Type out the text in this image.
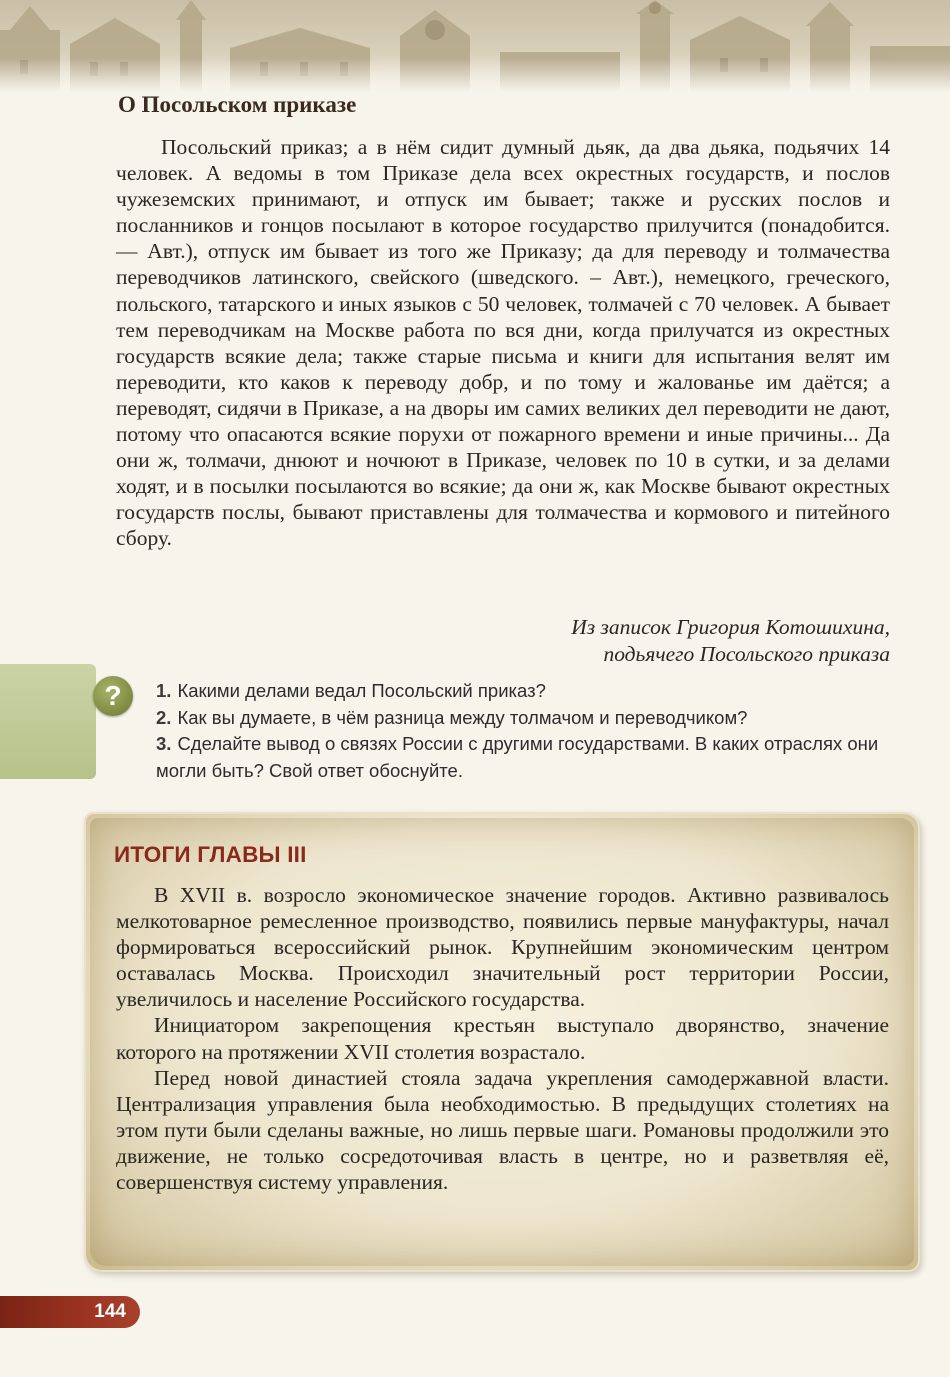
О Посольском приказе

Посольский приказ; а в нём сидит думный дьяк, да два дьяка, подьячих 14 человек. А ведомы в том Приказе дела всех окрестных государств, и послов чужеземских принимают, и отпуск им бывает; также и русских послов и посланников и гонцов посылают в которое государство прилучится (понадобится. — Авт.), отпуск им бывает из того же Приказу; да для переводу и толмачества переводчиков латинского, свейского (шведского. – Авт.), немецкого, греческого, польского, татарского и иных языков с 50 человек, толмачей с 70 человек. А бывает тем переводчикам на Москве работа по вся дни, когда прилучатся из окрестных государств всякие дела; также старые письма и книги для испытания велят им переводити, кто каков к переводу добр, и по тому и жалованье им даётся; а переводят, сидячи в Приказе, а на дворы им самих великих дел переводити не дают, потому что опасаются всякие порухи от пожарного времени и иные причины... Да они ж, толмачи, днюют и ночюют в Приказе, человек по 10 в сутки, и за делами ходят, и в посылки посылаются во всякие; да они ж, как Москве бывают окрестных государств послы, бывают приставлены для толмачества и кормового и питейного сбору.

Из записок Григория Котошихина,
подьячего Посольского приказа
?	1. Какими делами ведал Посольский приказ?
2. Как вы думаете, в чём разница между толмачом и переводчиком?
3. Сделайте вывод о связях России с другими государствами. В каких отраслях они могли быть? Свой ответ обоснуйте.
ИТОГИ ГЛАВЫ III

В XVII в. возросло экономическое значение городов. Активно развивалось мелкотоварное ремесленное производство, появились первые мануфактуры, начал формироваться всероссийский рынок. Крупнейшим экономическим центром оставалась Москва. Происходил значительный рост территории России, увеличилось и население Российского государства.

Инициатором закрепощения крестьян выступало дворянство, значение которого на протяжении XVII столетия возрастало.

Перед новой династией стояла задача укрепления самодержавной власти. Централизация управления была необходимостью. В предыдущих столетиях на этом пути были сделаны важные, но лишь первые шаги. Романовы продолжили это движение, не только сосредоточивая власть в центре, но и разветвляя её, совершенствуя систему управления.

144
